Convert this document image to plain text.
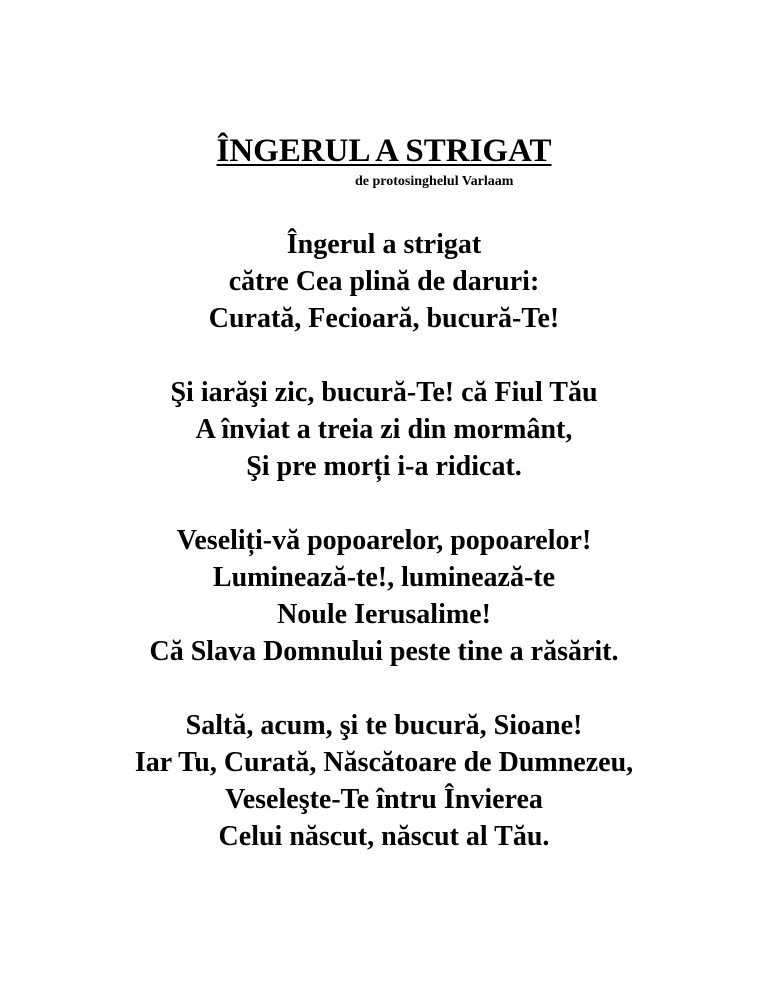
ÎNGERUL A STRIGAT

de protosinghelul Varlaam

Îngerul a strigat
către Cea plină de daruri:
Curată, Fecioară, bucură-Te!
Şi iarăşi zic, bucură-Te! că Fiul Tău
A înviat a treia zi din mormânt,
Şi pre morți i-a ridicat.
Veseliți-vă popoarelor, popoarelor!
Luminează-te!, luminează-te
Noule Ierusalime!
Că Slava Domnului peste tine a răsărit.
Saltă, acum, şi te bucură, Sioane!
Iar Tu, Curată, Născătoare de Dumnezeu,
Veseleşte-Te întru Învierea
Celui născut, născut al Tău.
